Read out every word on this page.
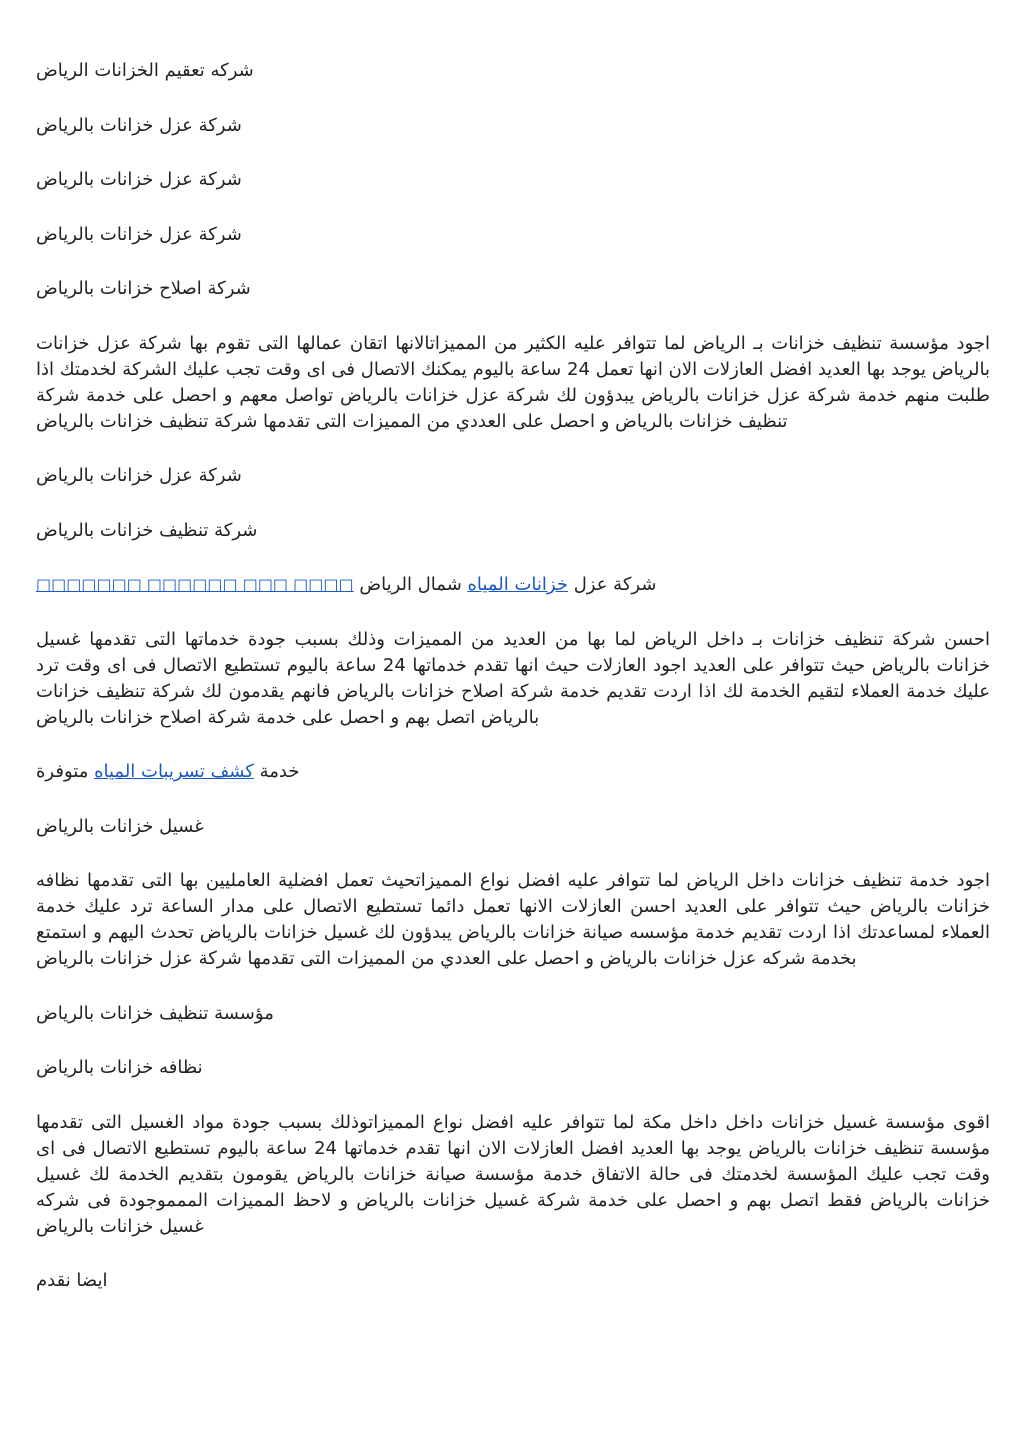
شركه تعقيم الخزانات الرياض

شركة عزل خزانات بالرياض

شركة عزل خزانات بالرياض

شركة عزل خزانات بالرياض

شركة اصلاح خزانات بالرياض

اجود مؤسسة تنظيف خزانات بـ الرياض لما تتوافر عليه الكثير من المميزاتالانها اتقان عمالها التى تقوم بها شركة عزل خزانات بالرياض يوجد بها العديد افضل العازلات الان انها تعمل 24 ساعة باليوم يمكنك الاتصال فى اى وقت تجب عليك الشركة لخدمتك اذا طلبت منهم خدمة شركة عزل خزانات بالرياض يبدؤون لك شركة عزل خزانات بالرياض تواصل معهم و احصل على خدمة شركة تنظيف خزانات بالرياض و احصل على العددي من المميزات التى تقدمها شركة تنظيف خزانات بالرياض

شركة عزل خزانات بالرياض

شركة تنظيف خزانات بالرياض

شركة عزل خزانات المياه شمال الرياض □□□□ □□□ □□□□□□ □□□□□□□

احسن شركة تنظيف خزانات بـ داخل الرياض لما بها من العديد من المميزات وذلك بسبب جودة خدماتها التى تقدمها غسيل خزانات بالرياض حيث تتوافر على العديد اجود العازلات حيث انها تقدم خدماتها 24 ساعة باليوم تستطيع الاتصال فى اى وقت ترد عليك خدمة العملاء لتقيم الخدمة لك اذا اردت تقديم خدمة شركة اصلاح خزانات بالرياض فانهم يقدمون لك شركة تنظيف خزانات بالرياض اتصل بهم و احصل على خدمة شركة اصلاح خزانات بالرياض

خدمة كشف تسريبات المياه متوفرة

غسيل خزانات بالرياض

اجود خدمة تنظيف خزانات داخل الرياض لما تتوافر عليه افضل نواع المميزاتحيث تعمل افضلية العامليين بها التى تقدمها نظافه خزانات بالرياض حيث تتوافر على العديد احسن العازلات الانها تعمل دائما تستطيع الاتصال على مدار الساعة ترد عليك خدمة العملاء لمساعدتك اذا اردت تقديم خدمة مؤسسه صيانة خزانات بالرياض يبدؤون لك غسيل خزانات بالرياض تحدث اليهم و استمتع بخدمة شركه عزل خزانات بالرياض و احصل على العددي من المميزات التى تقدمها شركة عزل خزانات بالرياض

مؤسسة تنظيف خزانات بالرياض

نظافه خزانات بالرياض

اقوى مؤسسة غسيل خزانات داخل داخل مكة لما تتوافر عليه افضل نواع المميزاتوذلك بسبب جودة مواد الغسيل التى تقدمها مؤسسة تنظيف خزانات بالرياض يوجد بها العديد افضل العازلات الان انها تقدم خدماتها 24 ساعة باليوم تستطيع الاتصال فى اى وقت تجب عليك المؤسسة لخدمتك فى حالة الاتفاق خدمة مؤسسة صيانة خزانات بالرياض يقومون بتقديم الخدمة لك غسيل خزانات بالرياض فقط اتصل بهم و احصل على خدمة شركة غسيل خزانات بالرياض و لاحظ المميزات الممموجودة فى شركه غسيل خزانات بالرياض

ايضا نقدم
